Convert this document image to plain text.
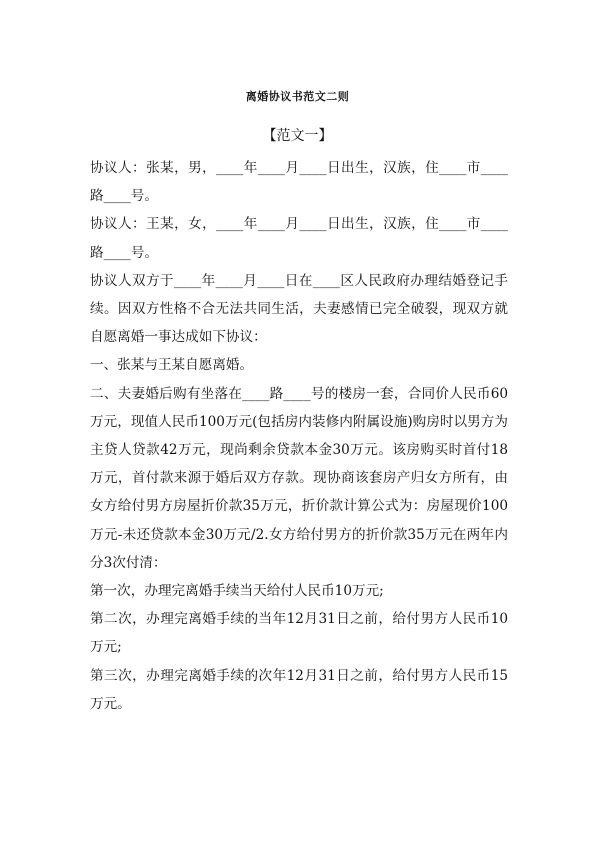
离婚协议书范文二则
【范文一】

协议人：张某，男，____年____月____日出生，汉族，住____市____路____号。

协议人：王某，女，____年____月____日出生，汉族，住____市____路____号。

协议人双方于____年____月____日在____区人民政府办理结婚登记手续。因双方性格不合无法共同生活，夫妻感情已完全破裂，现双方就自愿离婚一事达成如下协议：

一、张某与王某自愿离婚。

二、夫妻婚后购有坐落在____路____号的楼房一套，合同价人民币60万元，现值人民币100万元(包括房内装修内附属设施)购房时以男方为主贷人贷款42万元，现尚剩余贷款本金30万元。该房购买时首付18万元，首付款来源于婚后双方存款。现协商该套房产归女方所有，由女方给付男方房屋折价款35万元，折价款计算公式为：房屋现价100万元-未还贷款本金30万元/2.女方给付男方的折价款35万元在两年内分3次付清：

第一次，办理完离婚手续当天给付人民币10万元;

第二次，办理完离婚手续的当年12月31日之前，给付男方人民币10万元;

第三次，办理完离婚手续的次年12月31日之前，给付男方人民币15万元。
